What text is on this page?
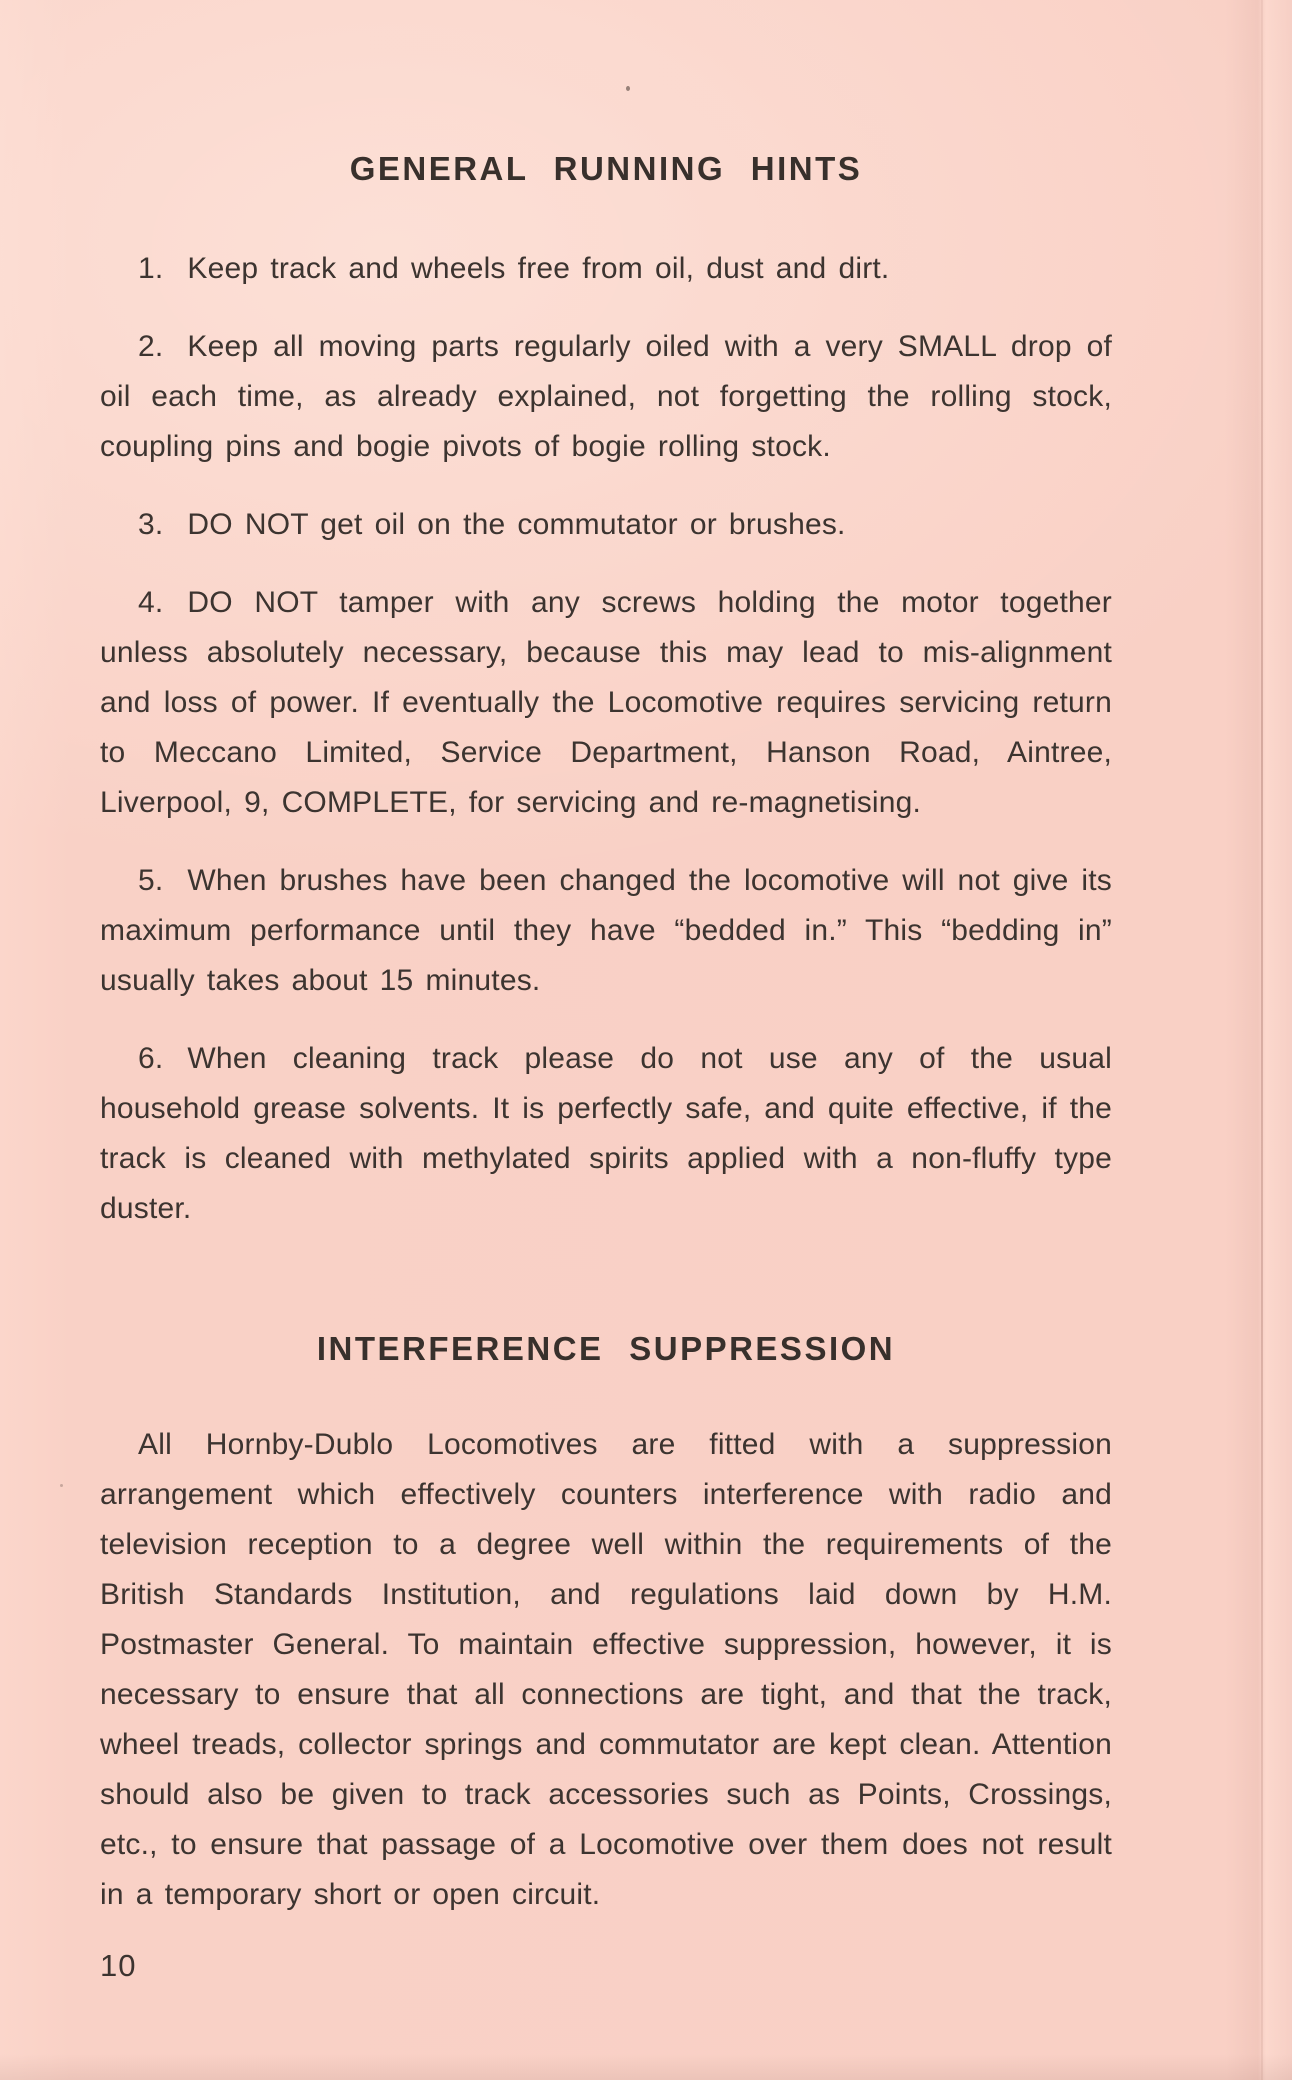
GENERAL RUNNING HINTS

1. Keep track and wheels free from oil, dust and dirt.

2. Keep all moving parts regularly oiled with a very SMALL drop of oil each time, as already explained, not forgetting the rolling stock, coupling pins and bogie pivots of bogie rolling stock.

3. DO NOT get oil on the commutator or brushes.

4. DO NOT tamper with any screws holding the motor together unless absolutely necessary, because this may lead to mis-alignment and loss of power. If eventually the Locomotive requires servicing return to Meccano Limited, Service Department, Hanson Road, Aintree, Liverpool, 9, COMPLETE, for servicing and re-magnetising.

5. When brushes have been changed the locomotive will not give its maximum performance until they have “bedded in.” This “bedding in” usually takes about 15 minutes.

6. When cleaning track please do not use any of the usual household grease solvents. It is perfectly safe, and quite effective, if the track is cleaned with methylated spirits applied with a non-fluffy type duster.

INTERFERENCE SUPPRESSION

All Hornby-Dublo Locomotives are fitted with a suppression arrangement which effectively counters interference with radio and television reception to a degree well within the requirements of the British Standards Institution, and regulations laid down by H.M. Postmaster General. To maintain effective suppression, however, it is necessary to ensure that all connections are tight, and that the track, wheel treads, collector springs and commutator are kept clean. Attention should also be given to track accessories such as Points, Crossings, etc., to ensure that passage of a Locomotive over them does not result in a temporary short or open circuit.

10
